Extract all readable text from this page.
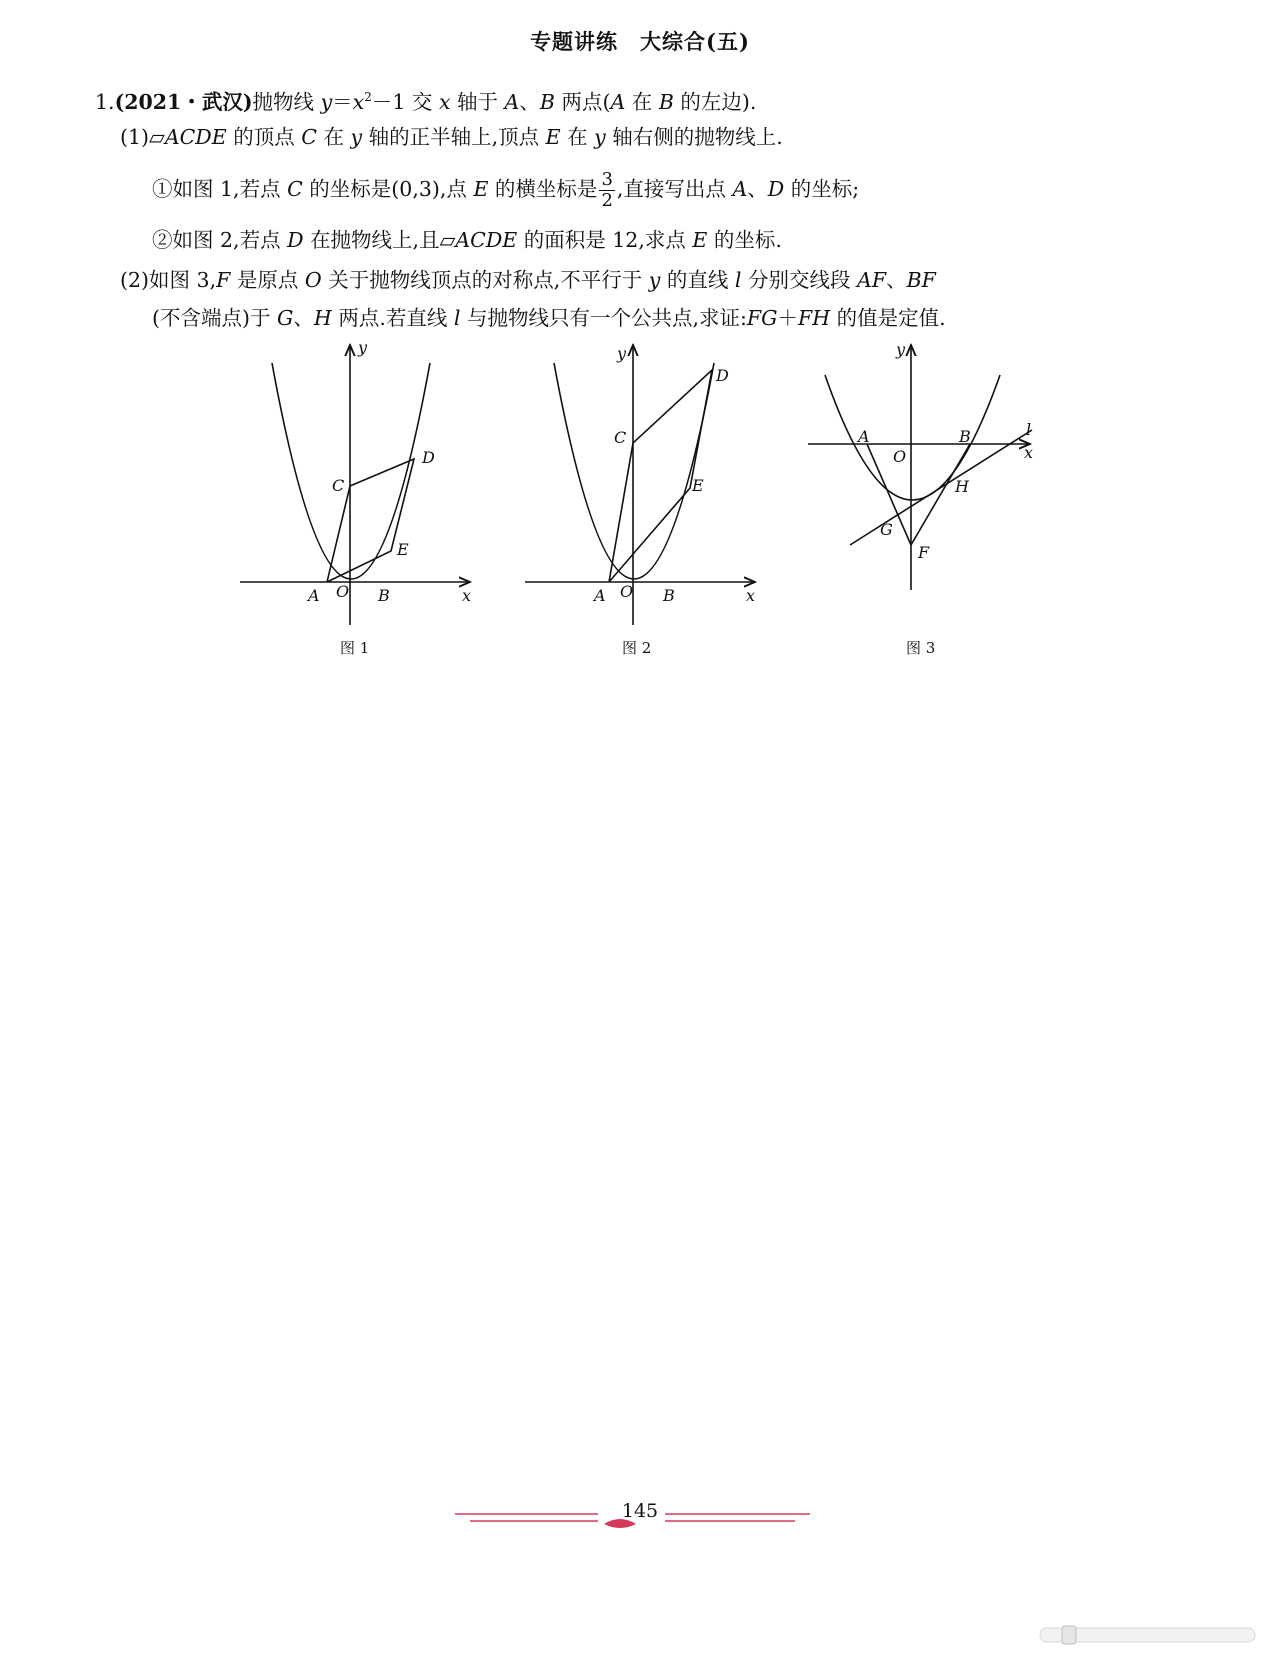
专题讲练　大综合(五)
1.(2021・武汉)抛物线 $y=x^2-1$ 交 x 轴于 A、B 两点(A 在 B 的左边).
(1)▱ACDE 的顶点 C 在 y 轴的正半轴上,顶点 E 在 y 轴右侧的抛物线上.
①如图 1,若点 C 的坐标是(0,3),点 E 的横坐标是 $\frac{3}{2}$ ,直接写出点 A、D 的坐标;
②如图 2,若点 D 在抛物线上,且▱ACDE 的面积是 12,求点 E 的坐标.
(2)如图 3,F 是原点 O 关于抛物线顶点的对称点,不平行于 y 的直线 l 分别交线段 AF、BF
(不含端点)于 G、H 两点.若直线 l 与抛物线只有一个公共点,求证:FG＋FH 的值是定值.
y
x
A O B
C
D
E
y
x
A O B
C
D
E
y
x
A
O
B	l
G
H
F
图 1	图 2	图 3
145
